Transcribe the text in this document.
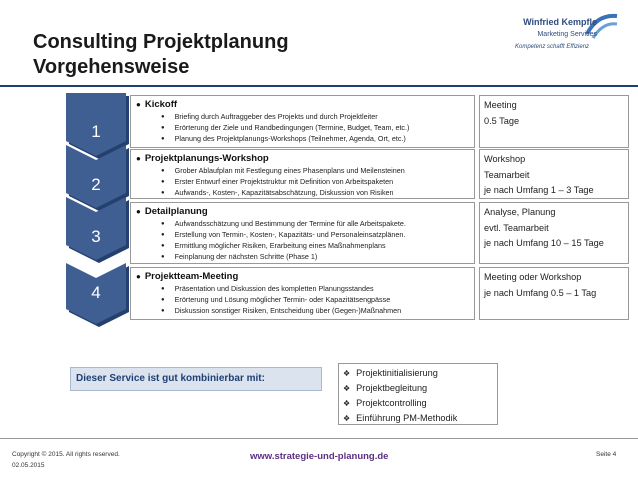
Consulting Projektplanung
Vorgehensweise
Winfried Kempfle
Marketing Services
Kompetenz schafft Effizienz
1
2
3
4
● Kickoff
● Briefing durch Auftraggeber des Projekts und durch Projektleiter
● Erörterung der Ziele und Randbedingungen (Termine, Budget, Team, etc.)
● Planung des Projektplanungs-Workshops (Teilnehmer, Agenda, Ort, etc.)
Meeting
0.5 Tage
● Projektplanungs-Workshop
● Grober Ablaufplan mit Festlegung eines Phasenplans und Meilensteinen
● Erster Entwurf einer Projektstruktur mit Definition von Arbeitspaketen
● Aufwands-, Kosten-, Kapazitätsabschätzung, Diskussion von Risiken
Workshop
Teamarbeit
je nach Umfang 1 – 3 Tage
● Detailplanung
● Aufwandsschätzung und Bestimmung der Termine für alle Arbeitspakete.
● Erstellung von Termin-, Kosten-, Kapazitäts- und Personaleinsatzplänen.
● Ermittlung möglicher Risiken, Erarbeitung eines Maßnahmenplans
● Feinplanung der nächsten Schritte (Phase 1)
Analyse, Planung
evtl. Teamarbeit
je nach Umfang 10 – 15 Tage
● Projektteam-Meeting
● Präsentation und Diskussion des kompletten Planungsstandes
● Erörterung und Lösung möglicher Termin- oder Kapazitätsengpässe
● Diskussion sonstiger Risiken, Entscheidung über (Gegen-)Maßnahmen
Meeting oder Workshop
je nach Umfang 0.5 – 1 Tag
Dieser Service ist gut kombinierbar mit:
❖	Projektinitialisierung
❖ Projektbegleitung
❖ Projektcontrolling
❖ Einführung PM-Methodik
Copyright © 2015. All rights reserved.
02.05.2015
www.strategie-und-planung.de	Seite 4
